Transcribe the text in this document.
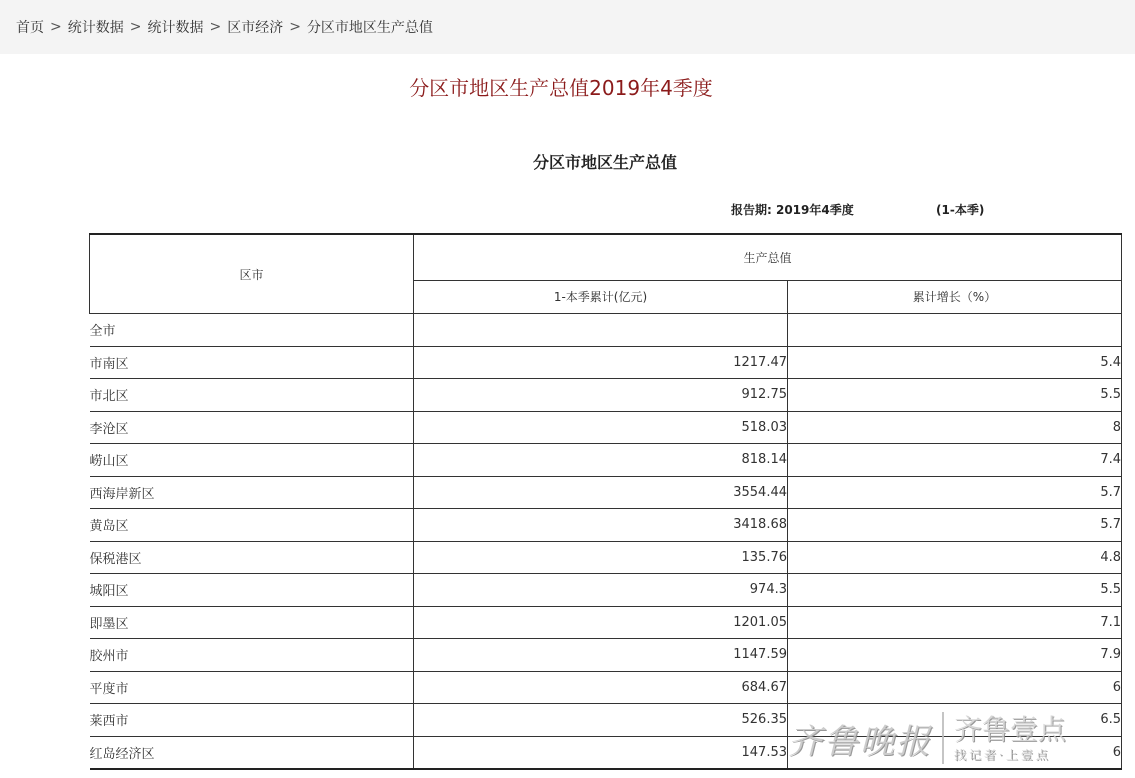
首页 > 统计数据 > 统计数据 > 区市经济 > 分区市地区生产总值
分区市地区生产总值2019年4季度
分区市地区生产总值
报告期: 2019年4季度	(1-本季)
区市	生产总值	
	1-本季累计(亿元)	累计增长（%）
全市		
市南区	1217.47	5.4
市北区	912.75	5.5
李沧区	518.03	8
崂山区	818.14	7.4
西海岸新区	3554.44	5.7
黄岛区	3418.68	5.7
保税港区	135.76	4.8
城阳区	974.3	5.5
即墨区	1201.05	7.1
胶州市	1147.59	7.9
平度市	684.67	6
莱西市	526.35	6.5
红岛经济区	147.53	6
齐鲁晚报 齐鲁壹点
找记者·上壹点
